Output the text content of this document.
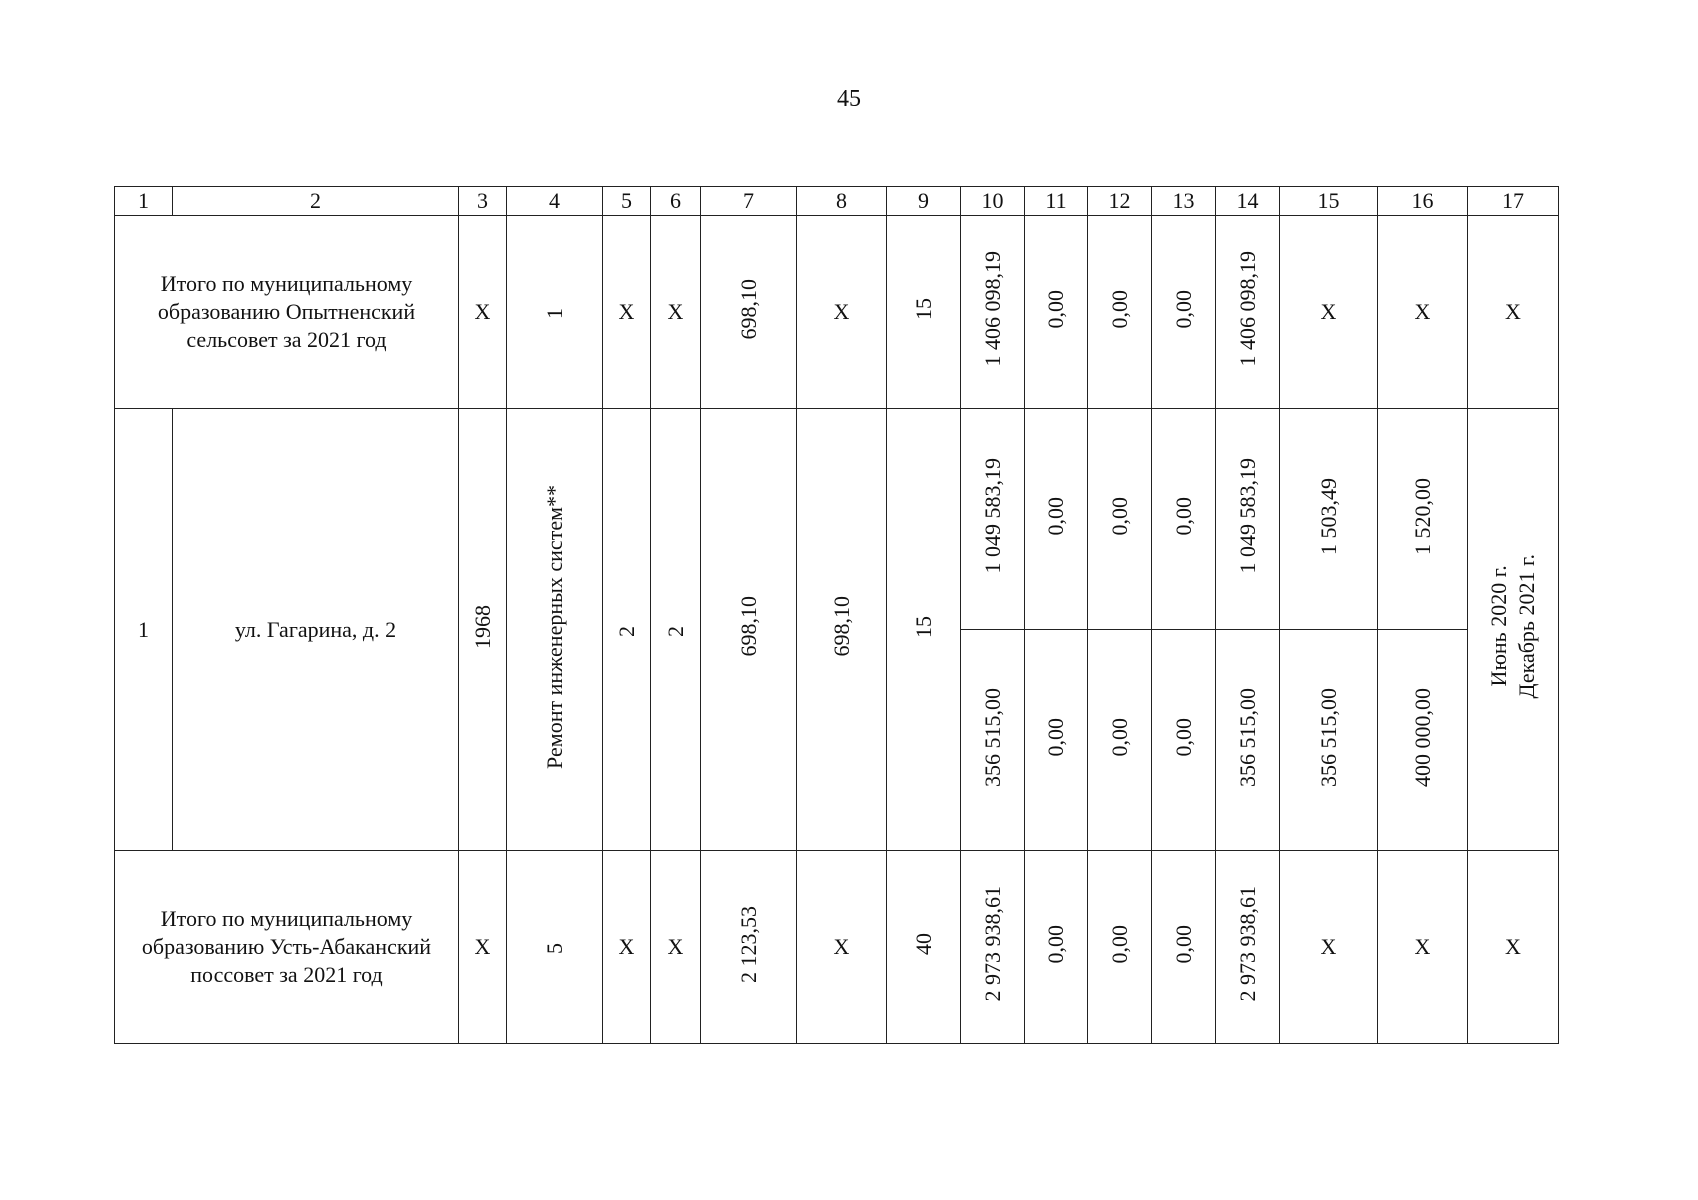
45
1	2	3	4	5	6	7	8	9	10	11	12	13	14	15	16	17
Итого по муниципальному образованию Опытненский сельсовет за 2021 год		X	1	X	X	698,10	X	15	1 406 098,19	0,00	0,00	0,00	1 406 098,19	X	X	X
1	ул. Гагарина, д. 2	1968	Ремонт инженерных систем**	2	2	698,10	698,10	15	1 049 583,19	0,00	0,00	0,00	1 049 583,19	1 503,49	1 520,00	Июнь 2020 г. Декабрь 2021 г.
									356 515,00	0,00	0,00	0,00	356 515,00	356 515,00	400 000,00	
Итого по муниципальному образованию Усть-Абаканский поссовет за 2021 год		X	5	X	X	2 123,53	X	40	2 973 938,61	0,00	0,00	0,00	2 973 938,61	X	X	X
